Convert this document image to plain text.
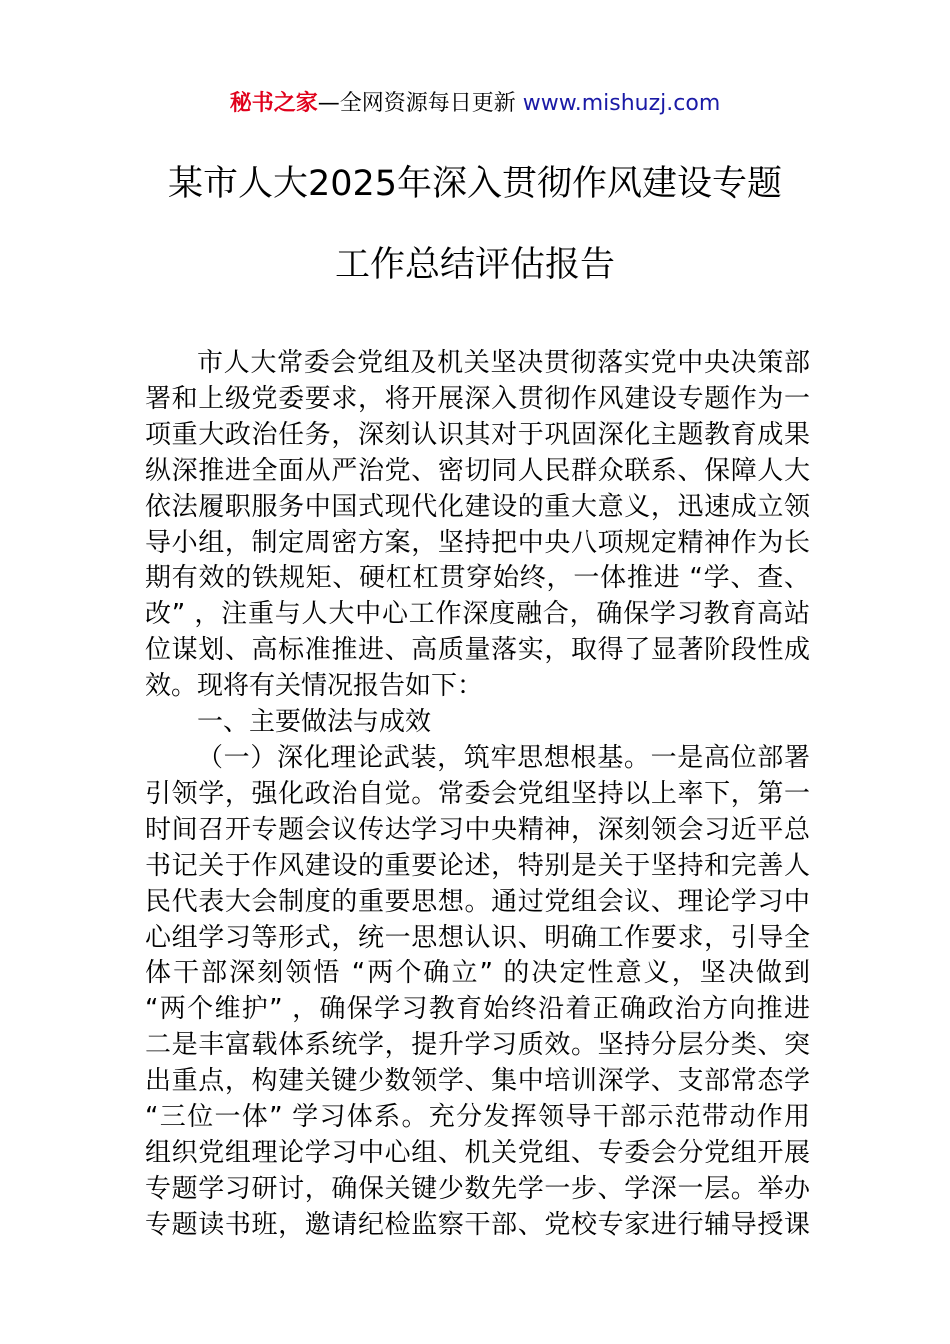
秘书之家—全网资源每日更新 www.mishuzj.com
某市人大2025年深入贯彻作风建设专题
工作总结评估报告
市人大常委会党组及机关坚决贯彻落实党中央决策部
署和上级党委要求，将开展深入贯彻作风建设专题作为一
项重大政治任务，深刻认识其对于巩固深化主题教育成果
纵深推进全面从严治党、密切同人民群众联系、保障人大
依法履职服务中国式现代化建设的重大意义，迅速成立领
导小组，制定周密方案，坚持把中央八项规定精神作为长
期有效的铁规矩、硬杠杠贯穿始终，一体推进 “学、查、
改” ，注重与人大中心工作深度融合，确保学习教育高站
位谋划、高标准推进、高质量落实，取得了显著阶段性成
效。现将有关情况报告如下：
一、主要做法与成效
（一）深化理论武装，筑牢思想根基。一是高位部署
引领学，强化政治自觉。常委会党组坚持以上率下，第一
时间召开专题会议传达学习中央精神，深刻领会习近平总
书记关于作风建设的重要论述，特别是关于坚持和完善人
民代表大会制度的重要思想。通过党组会议、理论学习中
心组学习等形式，统一思想认识、明确工作要求，引导全
体干部深刻领悟 “两个确立” 的决定性意义，坚决做到
“两个维护” ，确保学习教育始终沿着正确政治方向推进
二是丰富载体系统学，提升学习质效。坚持分层分类、突
出重点，构建关键少数领学、集中培训深学、支部常态学
“三位一体” 学习体系。充分发挥领导干部示范带动作用
组织党组理论学习中心组、机关党组、专委会分党组开展
专题学习研讨，确保关键少数先学一步、学深一层。举办
专题读书班，邀请纪检监察干部、党校专家进行辅导授课
